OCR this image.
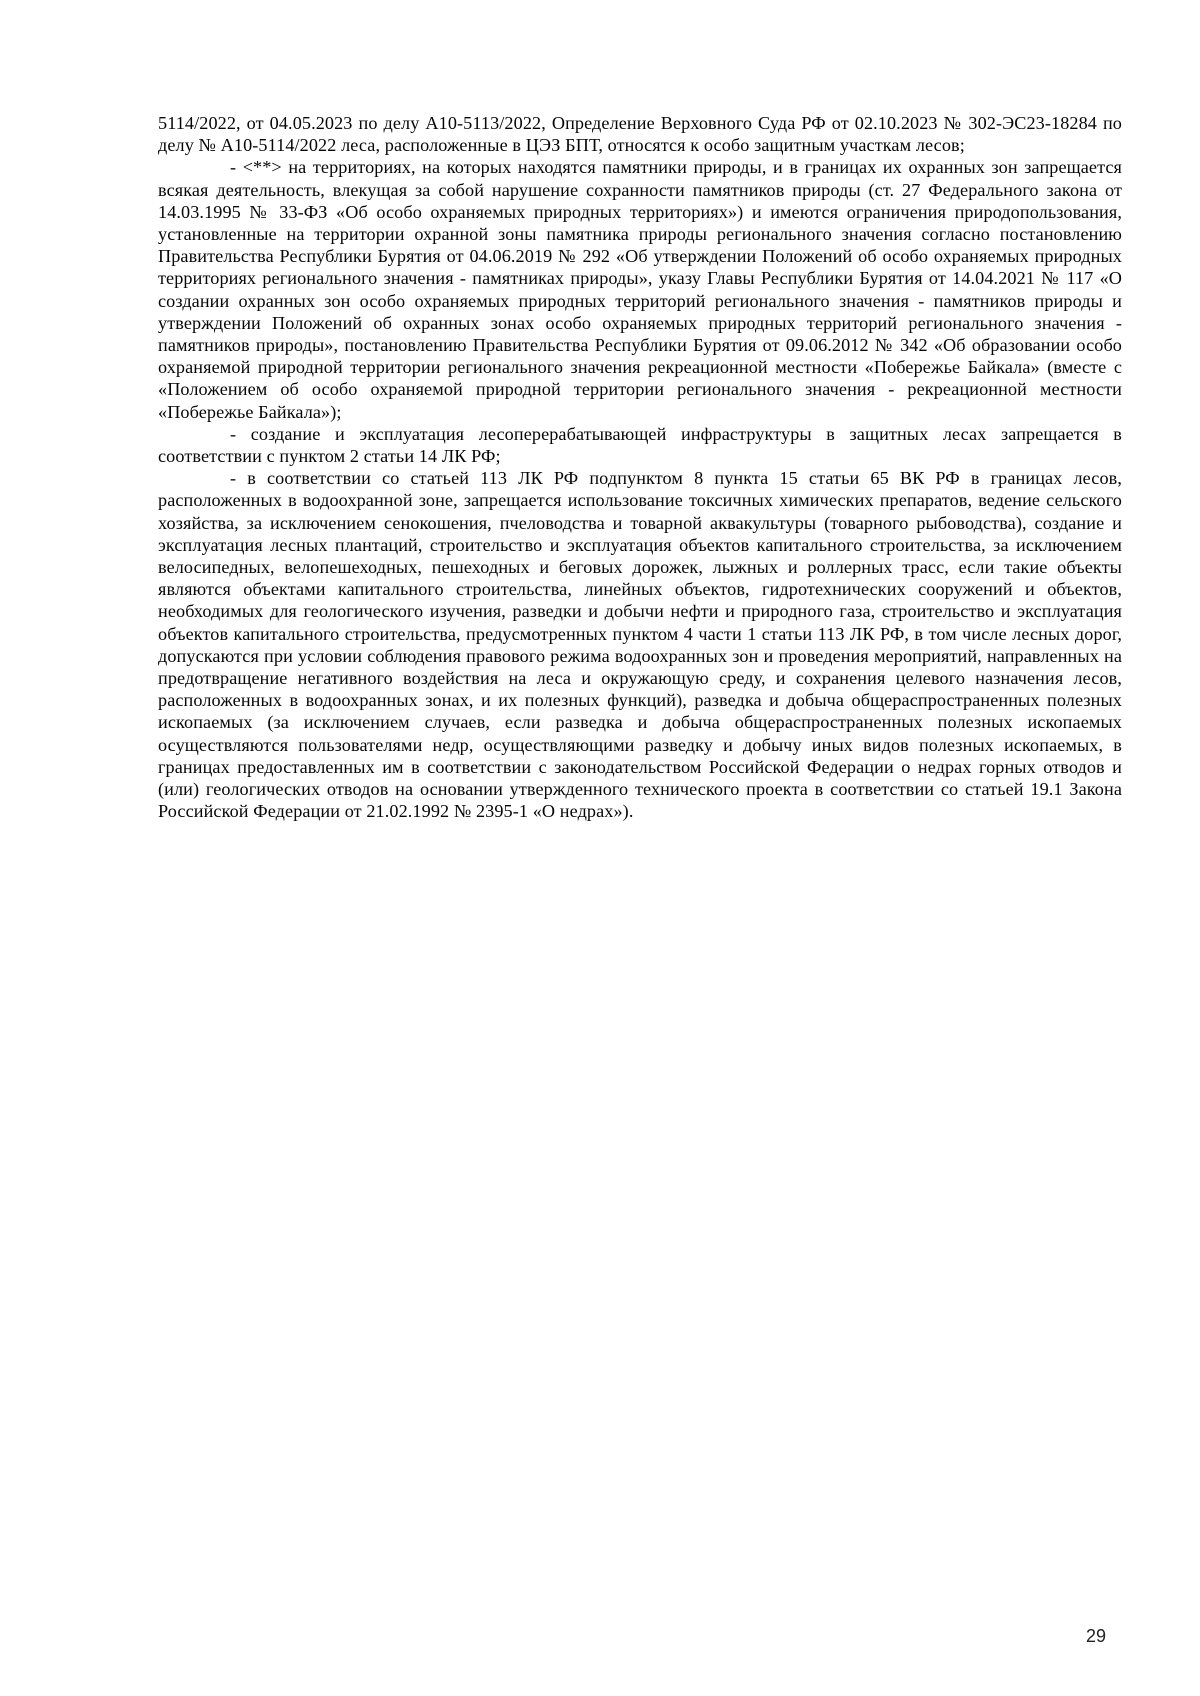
5114/2022, от 04.05.2023 по делу А10-5113/2022, Определение Верховного Суда РФ от 02.10.2023 № 302-ЭС23-18284 по делу № А10-5114/2022 леса, расположенные в ЦЭЗ БПТ, относятся к особо защитным участкам лесов;

- <**> на территориях, на которых находятся памятники природы, и в границах их охранных зон запрещается всякая деятельность, влекущая за собой нарушение сохранности памятников природы (ст. 27 Федерального закона от 14.03.1995 № 33-ФЗ «Об особо охраняемых природных территориях») и имеются ограничения природопользования, установленные на территории охранной зоны памятника природы регионального значения согласно постановлению Правительства Республики Бурятия от 04.06.2019 № 292 «Об утверждении Положений об особо охраняемых природных территориях регионального значения - памятниках природы», указу Главы Республики Бурятия от 14.04.2021 № 117 «О создании охранных зон особо охраняемых природных территорий регионального значения - памятников природы и утверждении Положений об охранных зонах особо охраняемых природных территорий регионального значения - памятников природы», постановлению Правительства Республики Бурятия от 09.06.2012 № 342 «Об образовании особо охраняемой природной территории регионального значения рекреационной местности «Побережье Байкала» (вместе с «Положением об особо охраняемой природной территории регионального значения - рекреационной местности «Побережье Байкала»);

- создание и эксплуатация лесоперерабатывающей инфраструктуры в защитных лесах запрещается в соответствии с пунктом 2 статьи 14 ЛК РФ;

- в соответствии со статьей 113 ЛК РФ подпунктом 8 пункта 15 статьи 65 ВК РФ в границах лесов, расположенных в водоохранной зоне, запрещается использование токсичных химических препаратов, ведение сельского хозяйства, за исключением сенокошения, пчеловодства и товарной аквакультуры (товарного рыбоводства), создание и эксплуатация лесных плантаций, строительство и эксплуатация объектов капитального строительства, за исключением велосипедных, велопешеходных, пешеходных и беговых дорожек, лыжных и роллерных трасс, если такие объекты являются объектами капитального строительства, линейных объектов, гидротехнических сооружений и объектов, необходимых для геологического изучения, разведки и добычи нефти и природного газа, строительство и эксплуатация объектов капитального строительства, предусмотренных пунктом 4 части 1 статьи 113 ЛК РФ, в том числе лесных дорог, допускаются при условии соблюдения правового режима водоохранных зон и проведения мероприятий, направленных на предотвращение негативного воздействия на леса и окружающую среду, и сохранения целевого назначения лесов, расположенных в водоохранных зонах, и их полезных функций), разведка и добыча общераспространенных полезных ископаемых (за исключением случаев, если разведка и добыча общераспространенных полезных ископаемых осуществляются пользователями недр, осуществляющими разведку и добычу иных видов полезных ископаемых, в границах предоставленных им в соответствии с законодательством Российской Федерации о недрах горных отводов и (или) геологических отводов на основании утвержденного технического проекта в соответствии со статьей 19.1 Закона Российской Федерации от 21.02.1992 № 2395-1 «О недрах»).

29
